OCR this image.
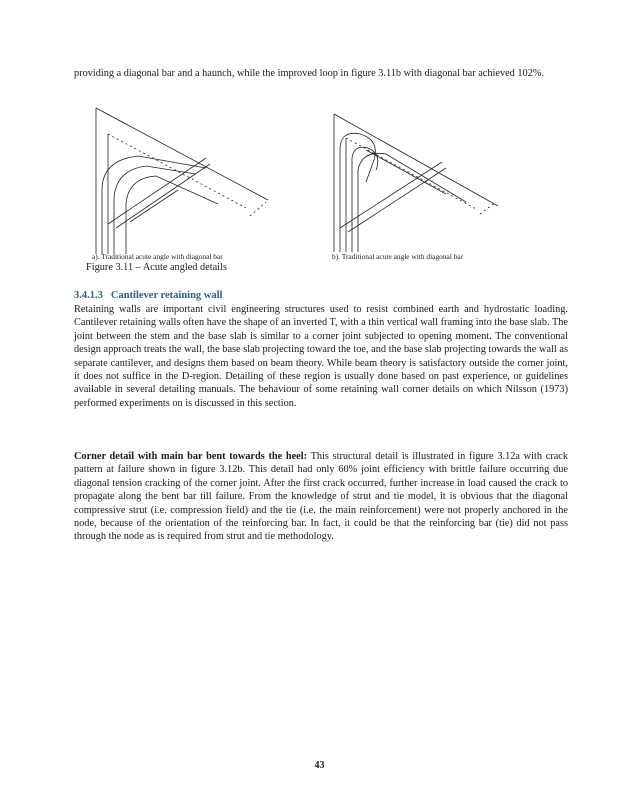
providing a diagonal bar and a haunch, while the improved loop in figure 3.11b with diagonal bar achieved 102%.

a). Traditional acute angle with diagonal bar	b). Traditional acute angle with diagonal bar
Figure 3.11 – Acute angled details
3.4.1.3 Cantilever retaining wall

Retaining walls are important civil engineering structures used to resist combined earth and hydrostatic loading. Cantilever retaining walls often have the shape of an inverted T, with a thin vertical wall framing into the base slab. The joint between the stem and the base slab is similar to a corner joint subjected to opening moment. The conventional design approach treats the wall, the base slab projecting toward the toe, and the base slab projecting towards the wall as separate cantilever, and designs them based on beam theory. While beam theory is satisfactory outside the corner joint, it does not suffice in the D-region. Detailing of these region is usually done based on past experience, or guidelines available in several detailing manuals. The behaviour of some retaining wall corner details on which Nilsson (1973) performed experiments on is discussed in this section.

Corner detail with main bar bent towards the heel: This structural detail is illustrated in figure 3.12a with crack pattern at failure shown in figure 3.12b. This detail had only 60% joint efficiency with brittle failure occurring due diagonal tension cracking of the corner joint. After the first crack occurred, further increase in load caused the crack to propagate along the bent bar till failure. From the knowledge of strut and tie model, it is obvious that the diagonal compressive strut (i.e. compression field) and the tie (i.e. the main reinforcement) were not properly anchored in the node, because of the orientation of the reinforcing bar. In fact, it could be that the reinforcing bar (tie) did not pass through the node as is required from strut and tie methodology.

43
